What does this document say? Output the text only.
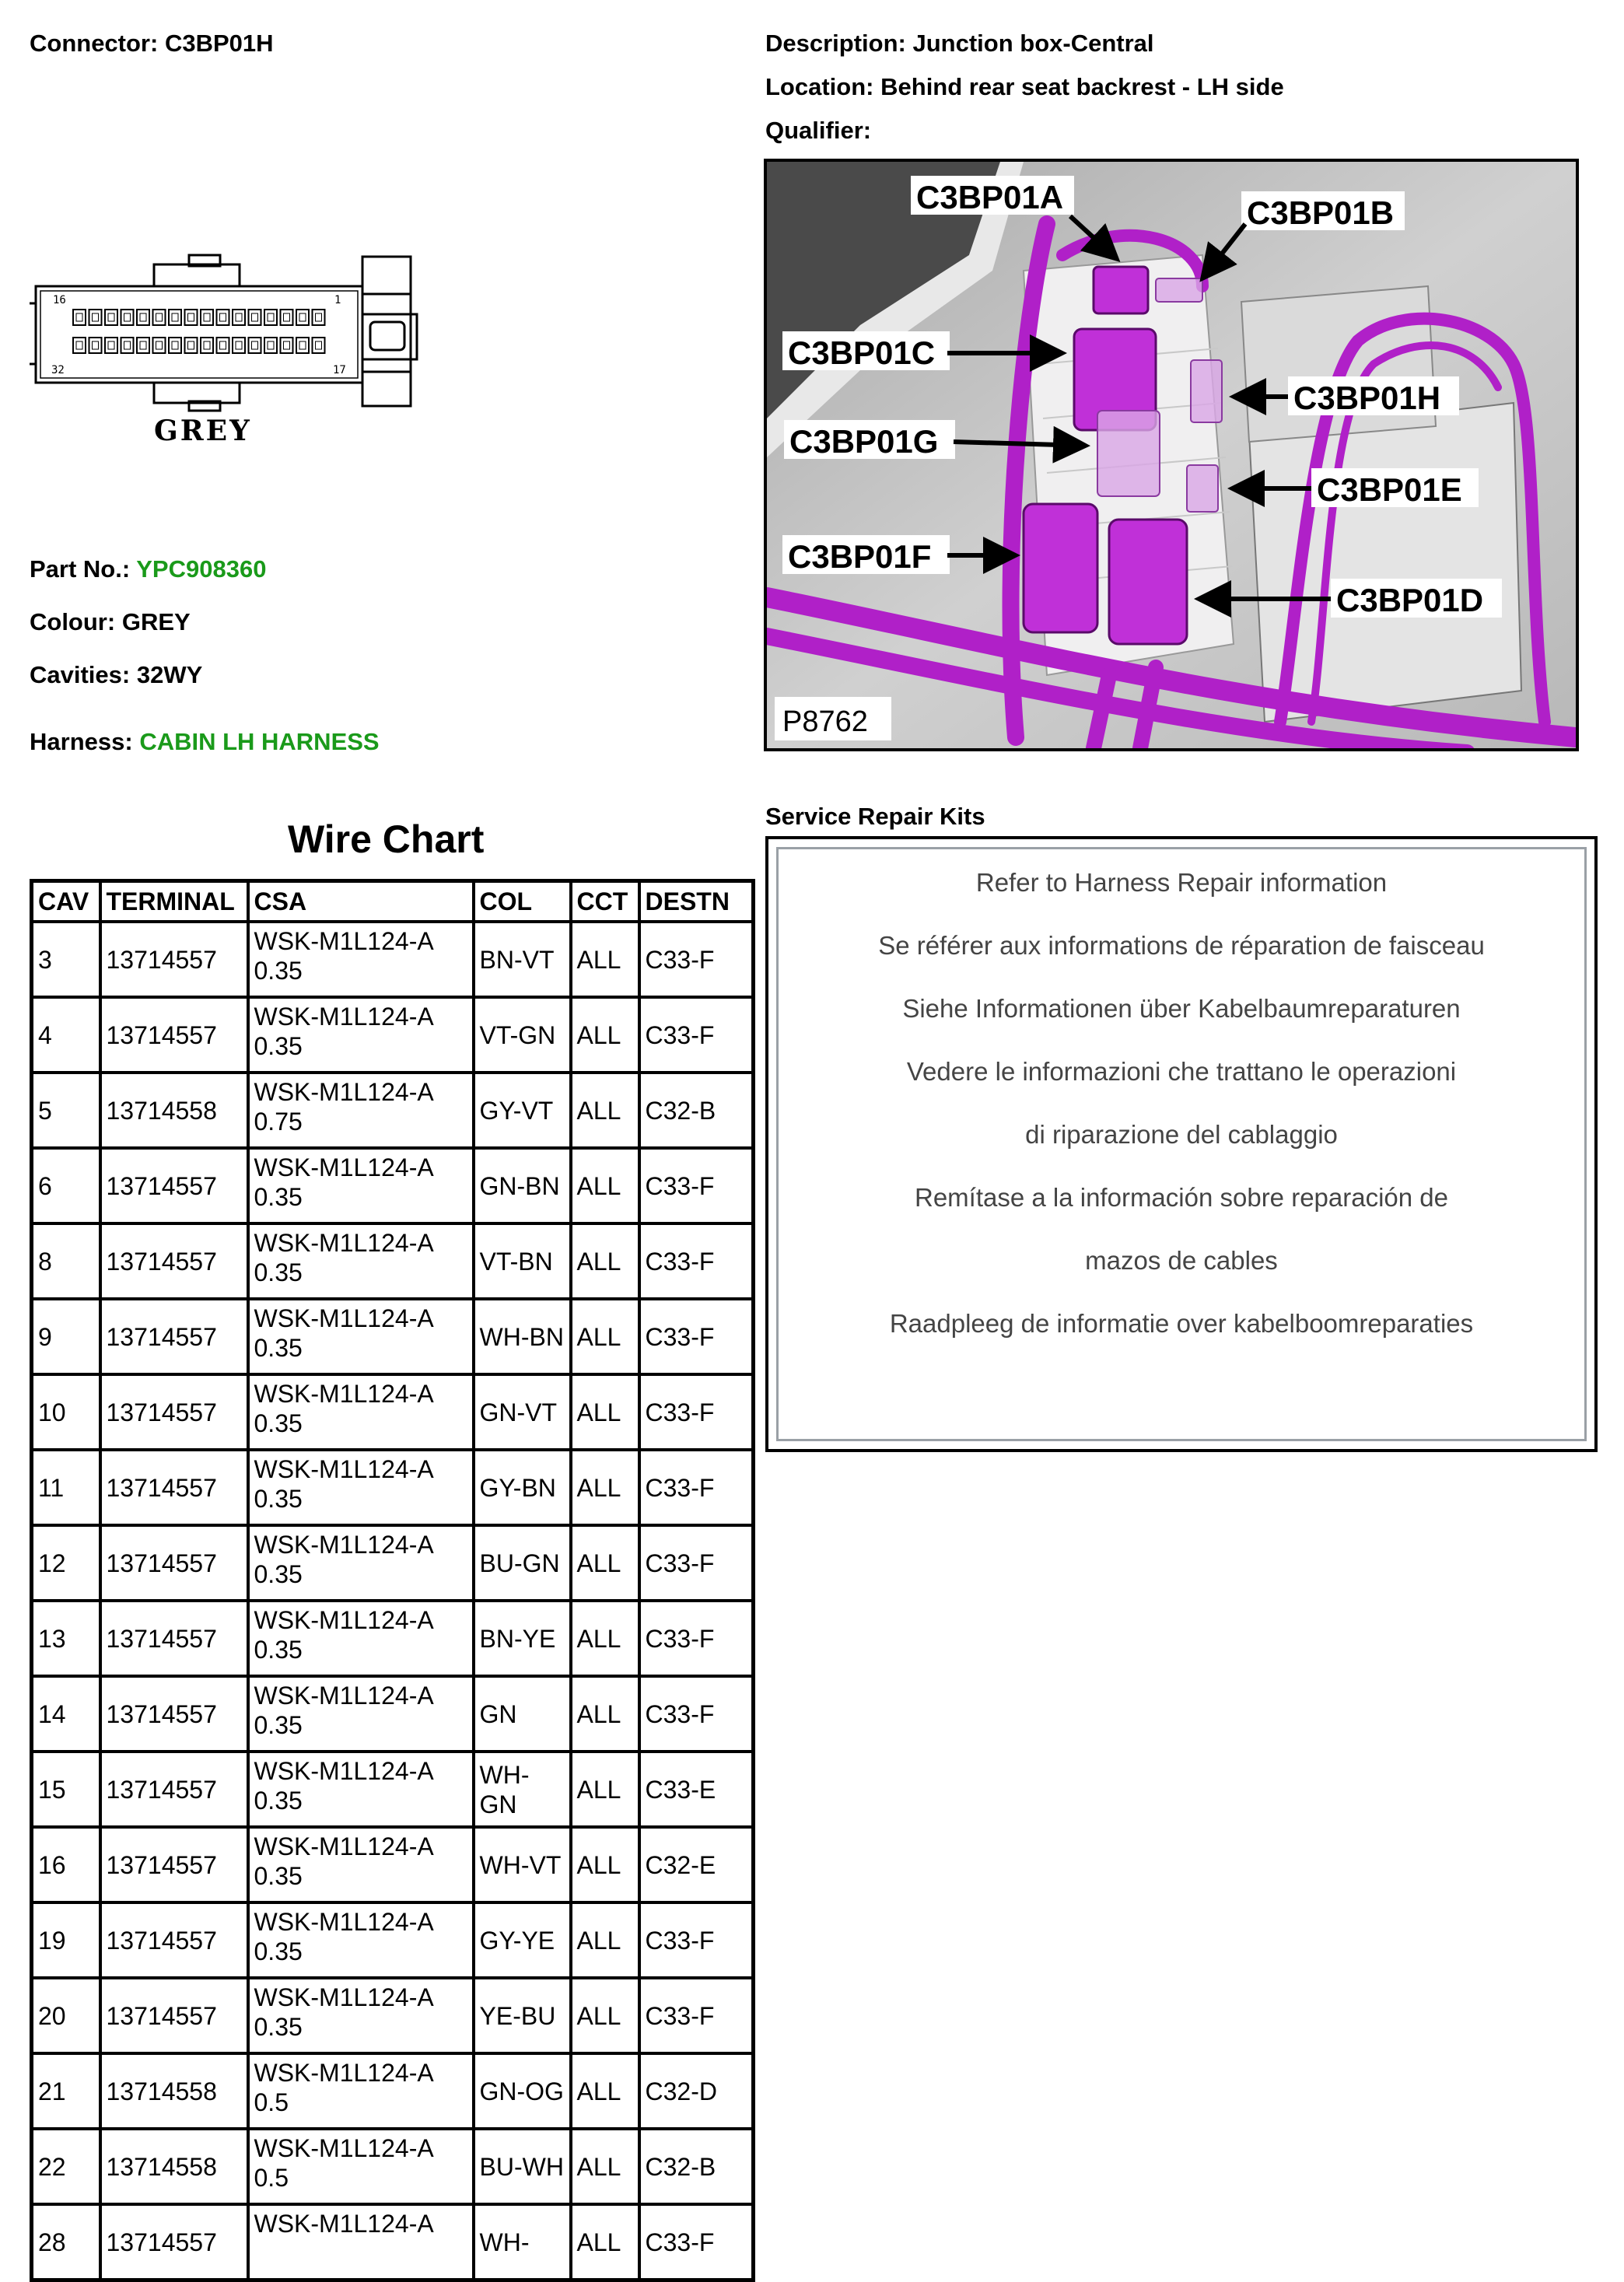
Connector: C3BP01H	Description: Junction box-Central
Location: Behind rear seat backrest - LH side
Qualifier:
16	1
32	17
GREY
Part No.: YPC908360
Colour: GREY
Cavities: 32WY
Harness: CABIN LH HARNESS
C3BP01A	C3BP01B
C3BP01C
C3BP01H
C3BP01G
C3BP01E
C3BP01F
C3BP01D
P8762
Wire Chart
CAV	TERMINAL	CSA	COL	CCT	DESTN
3	13714557	WSK-M1L124-A 0.35	BN-VT	ALL	C33-F
4	13714557	WSK-M1L124-A 0.35	VT-GN	ALL	C33-F
5	13714558	WSK-M1L124-A 0.75	GY-VT	ALL	C32-B
6	13714557	WSK-M1L124-A 0.35	GN-BN	ALL	C33-F
8	13714557	WSK-M1L124-A 0.35	VT-BN	ALL	C33-F
9	13714557	WSK-M1L124-A 0.35	WH-BN	ALL	C33-F
10	13714557	WSK-M1L124-A 0.35	GN-VT	ALL	C33-F
11	13714557	WSK-M1L124-A 0.35	GY-BN	ALL	C33-F
12	13714557	WSK-M1L124-A 0.35	BU-GN	ALL	C33-F
13	13714557	WSK-M1L124-A 0.35	BN-YE	ALL	C33-F
14	13714557	WSK-M1L124-A 0.35	GN	ALL	C33-F
15	13714557	WSK-M1L124-A 0.35	WH-GN	ALL	C33-E
16	13714557	WSK-M1L124-A 0.35	WH-VT	ALL	C32-E
19	13714557	WSK-M1L124-A 0.35	GY-YE	ALL	C33-F
20	13714557	WSK-M1L124-A 0.35	YE-BU	ALL	C33-F
21	13714558	WSK-M1L124-A 0.5	GN-OG	ALL	C32-D
22	13714558	WSK-M1L124-A 0.5	BU-WH	ALL	C32-B
28	13714557	WSK-M1L124-A	WH-	ALL	C33-F
Service Repair Kits
Refer to Harness Repair information
Se référer aux informations de réparation de faisceau
Siehe Informationen über Kabelbaumreparaturen
Vedere le informazioni che trattano le operazioni
di riparazione del cablaggio
Remítase a la información sobre reparación de
mazos de cables
Raadpleeg de informatie over kabelboomreparaties
